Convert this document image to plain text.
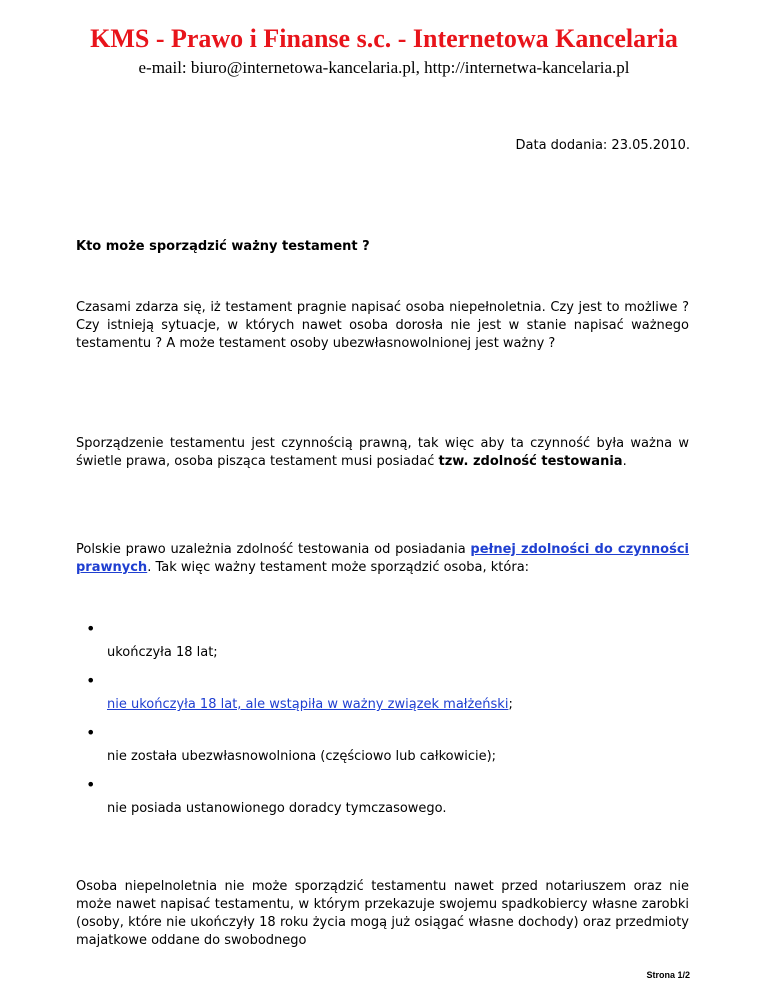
KMS - Prawo i Finanse s.c. - Internetowa Kancelaria

e-mail: biuro@internetowa-kancelaria.pl, http://internetwa-kancelaria.pl

Data dodania: 23.05.2010.
Kto może sporządzić ważny testament ?

Czasami zdarza się, iż testament pragnie napisać osoba niepełnoletnia. Czy jest to możliwe ? Czy istnieją sytuacje, w których nawet osoba dorosła nie jest w stanie napisać ważnego testamentu ? A może testament osoby ubezwłasnowolnionej jest ważny ?

Sporządzenie testamentu jest czynnością prawną, tak więc aby ta czynność była ważna w świetle prawa, osoba pisząca testament musi posiadać tzw. zdolność testowania.

Polskie prawo uzależnia zdolność testowania od posiadania pełnej zdolności do czynności prawnych. Tak więc ważny testament może sporządzić osoba, która:

•
ukończyła 18 lat;
•
nie ukończyła 18 lat, ale wstąpiła w ważny związek małżeński;
•
nie została ubezwłasnowolniona (częściowo lub całkowicie);
•
nie posiada ustanowionego doradcy tymczasowego.

Osoba niepelnoletnia nie może sporządzić testamentu nawet przed notariuszem oraz nie może nawet napisać testamentu, w którym przekazuje swojemu spadkobiercy własne zarobki (osoby, które nie ukończyły 18 roku życia mogą już osiągać własne dochody) oraz przedmioty majatkowe oddane do swobodnego

Strona 1/2
